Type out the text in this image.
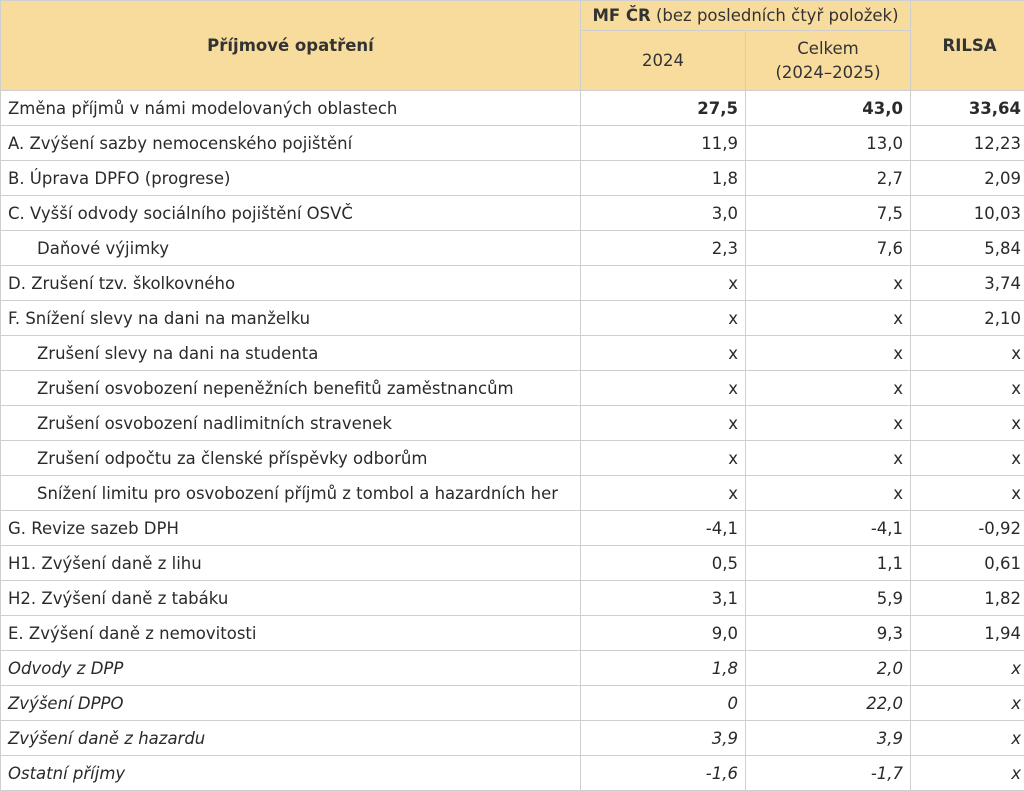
Příjmové opatření	MF ČR (bez posledních čtyř položek)		RILSA
	2024	Celkem
(2024–2025)	
Změna příjmů v námi modelovaných oblastech	27,5	43,0	33,64
A. Zvýšení sazby nemocenského pojištění	11,9	13,0	12,23
B. Úprava DPFO (progrese)	1,8	2,7	2,09
C. Vyšší odvody sociálního pojištění OSVČ	3,0	7,5	10,03
Daňové výjimky	2,3	7,6	5,84
D. Zrušení tzv. školkovného	x	x	3,74
F. Snížení slevy na dani na manželku	x	x	2,10
Zrušení slevy na dani na studenta	x	x	x
Zrušení osvobození nepeněžních benefitů zaměstnancům	x	x	x
Zrušení osvobození nadlimitních stravenek	x	x	x
Zrušení odpočtu za členské příspěvky odborům	x	x	x
Snížení limitu pro osvobození příjmů z tombol a hazardních her	x	x	x
G. Revize sazeb DPH	-4,1	-4,1	-0,92
H1. Zvýšení daně z lihu	0,5	1,1	0,61
H2. Zvýšení daně z tabáku	3,1	5,9	1,82
E. Zvýšení daně z nemovitosti	9,0	9,3	1,94
Odvody z DPP	1,8	2,0	x
Zvýšení DPPO	0	22,0	x
Zvýšení daně z hazardu	3,9	3,9	x
Ostatní příjmy	-1,6	-1,7	x
